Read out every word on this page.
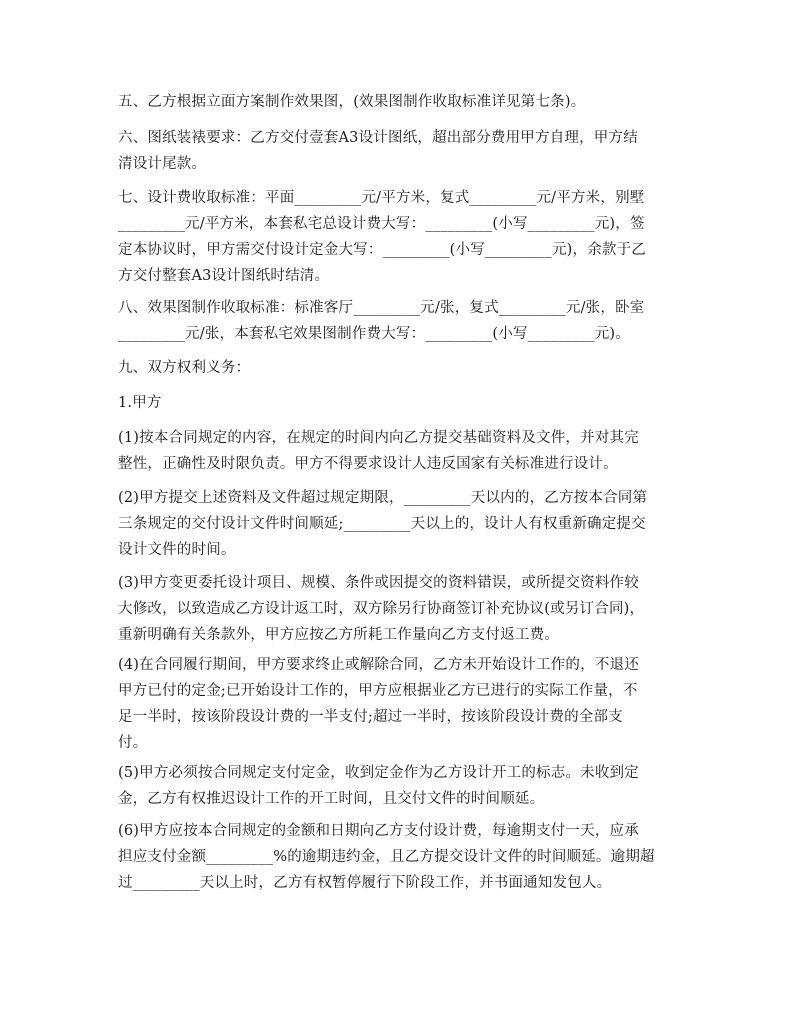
五、乙方根据立面方案制作效果图，(效果图制作收取标准详见第七条)。
六、图纸装裱要求：乙方交付壹套A3设计图纸，超出部分费用甲方自理，甲方结
清设计尾款。
七、设计费收取标准：平面_________元/平方米，复式_________元/平方米，别墅
_________元/平方米，本套私宅总设计费大写：_________(小写_________元)，签
定本协议时，甲方需交付设计定金大写：_________(小写_________元)，余款于乙
方交付整套A3设计图纸时结清。
八、效果图制作收取标准：标准客厅_________元/张，复式_________元/张，卧室
_________元/张，本套私宅效果图制作费大写：_________(小写_________元)。
九、双方权利义务：
1.甲方
(1)按本合同规定的内容，在规定的时间内向乙方提交基础资料及文件，并对其完
整性，正确性及时限负责。甲方不得要求设计人违反国家有关标准进行设计。
(2)甲方提交上述资料及文件超过规定期限，_________天以内的，乙方按本合同第
三条规定的交付设计文件时间顺延;_________天以上的，设计人有权重新确定提交
设计文件的时间。
(3)甲方变更委托设计项目、规模、条件或因提交的资料错误，或所提交资料作较
大修改，以致造成乙方设计返工时，双方除另行协商签订补充协议(或另订合同)，
重新明确有关条款外，甲方应按乙方所耗工作量向乙方支付返工费。
(4)在合同履行期间，甲方要求终止或解除合同，乙方未开始设计工作的，不退还
甲方已付的定金;已开始设计工作的，甲方应根据业乙方已进行的实际工作量，不
足一半时，按该阶段设计费的一半支付;超过一半时，按该阶段设计费的全部支
付。
(5)甲方必须按合同规定支付定金，收到定金作为乙方设计开工的标志。未收到定
金，乙方有权推迟设计工作的开工时间，且交付文件的时间顺延。
(6)甲方应按本合同规定的金额和日期向乙方支付设计费，每逾期支付一天，应承
担应支付金额_________%的逾期违约金，且乙方提交设计文件的时间顺延。逾期超
过_________天以上时，乙方有权暂停履行下阶段工作，并书面通知发包人。
